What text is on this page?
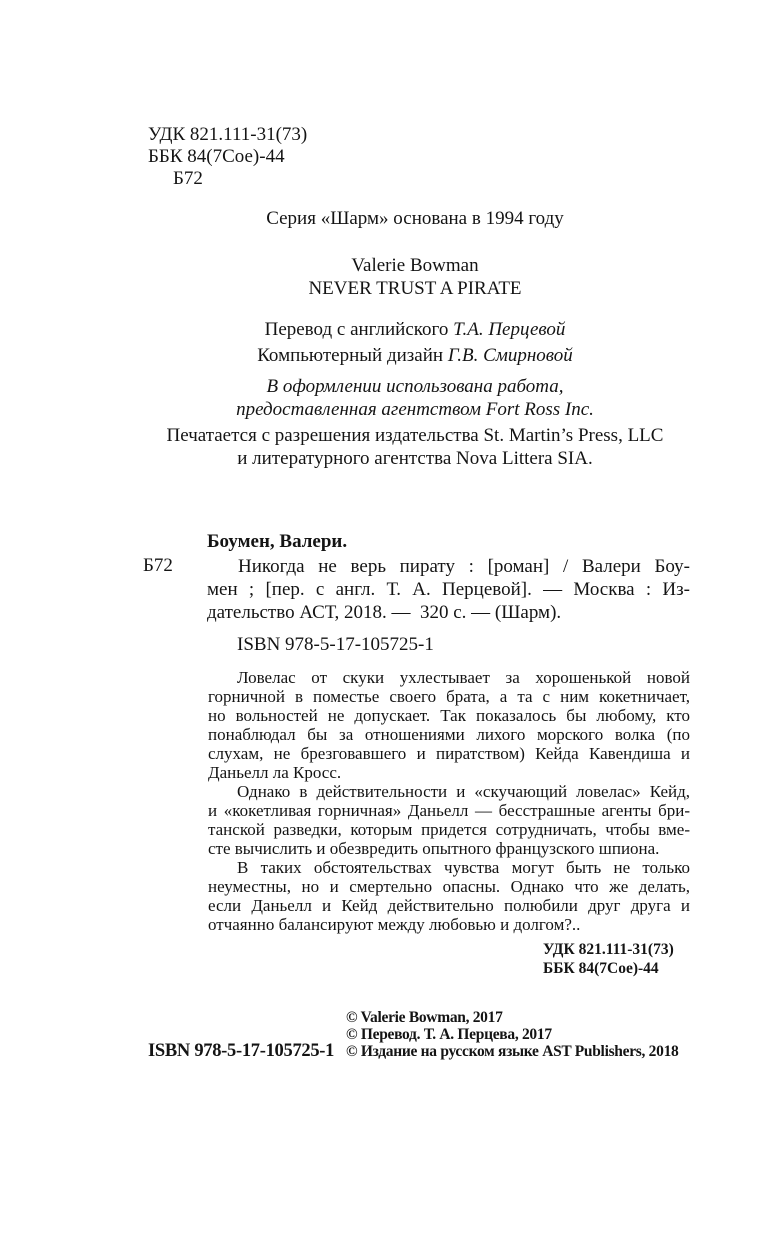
УДК 821.111-31(73)
ББК 84(7Сое)-44
Б72
Серия «Шарм» основана в 1994 году
Valerie Bowman
NEVER TRUST A PIRATE
Перевод с английского Т.А. Перцевой
Компьютерный дизайн Г.В. Смирновой
В оформлении использована работа,
предоставленная агентством Fort Ross Inc.
Печатается с разрешения издательства St. Martin’s Press, LLC
и литературного агентства Nova Littera SIA.
Боумен, Валери.
Б72	Никогда не верь пирату : [роман] / Валери Боу-
мен ; [пер. с англ. Т. А. Перцевой]. — Москва : Из-
дательство АСТ, 2018. —  320 с. — (Шарм).
ISBN 978-5-17-105725-1
Ловелас от скуки ухлестывает за хорошенькой новой
горничной в поместье своего брата, а та с ним кокетничает,
но вольностей не допускает. Так показалось бы любому, кто
понаблюдал бы за отношениями лихого морского волка (по
слухам, не брезговавшего и пиратством) Кейда Кавендиша и
Даньелл ла Кросс.
Однако в действительности и «скучающий ловелас» Кейд,
и «кокетливая горничная» Даньелл — бесстрашные агенты бри-
танской разведки, которым придется сотрудничать, чтобы вме-
сте вычислить и обезвредить опытного французского шпиона.
В таких обстоятельствах чувства могут быть не только
неуместны, но и смертельно опасны. Однако что же делать,
если Даньелл и Кейд действительно полюбили друг друга и
отчаянно балансируют между любовью и долгом?..
УДК 821.111-31(73)
ББК 84(7Сое)-44
ISBN 978-5-17-105725-1
© Valerie Bowman, 2017
© Перевод. Т. А. Перцева, 2017
© Издание на русском языке AST Publishers, 2018
